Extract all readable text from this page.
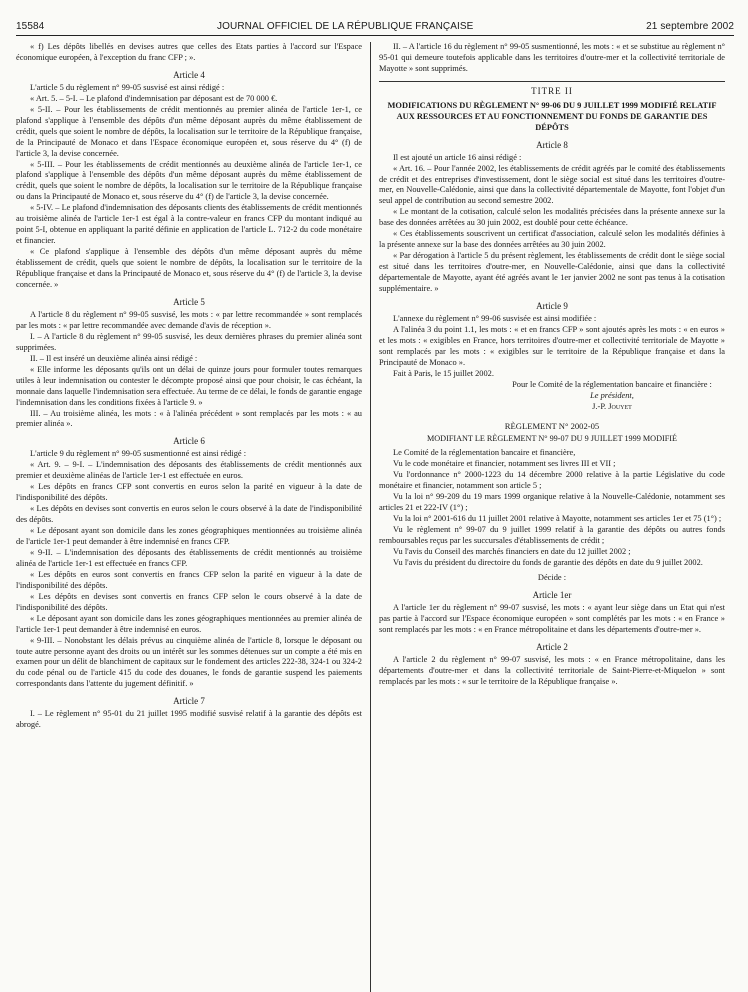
15584	JOURNAL OFFICIEL DE LA RÉPUBLIQUE FRANÇAISE	21 septembre 2002

« f) Les dépôts libellés en devises autres que celles des Etats parties à l'accord sur l'Espace économique européen, à l'exception du franc CFP ; ».

Article 4

L'article 5 du règlement n° 99-05 susvisé est ainsi rédigé :

« Art. 5. – 5-I. – Le plafond d'indemnisation par déposant est de 70 000 €.

« 5-II. – Pour les établissements de crédit mentionnés au premier alinéa de l'article 1er-1, ce plafond s'applique à l'ensemble des dépôts d'un même déposant auprès du même établissement de crédit, quels que soient le nombre de dépôts, la localisation sur le territoire de la République française, de la Principauté de Monaco et dans l'Espace économique européen et, sous réserve du 4° (f) de l'article 3, la devise concernée.

« 5-III. – Pour les établissements de crédit mentionnés au deuxième alinéa de l'article 1er-1, ce plafond s'applique à l'ensemble des dépôts d'un même déposant auprès du même établissement de crédit, quels que soient le nombre de dépôts, la localisation sur le territoire de la République française ou dans la Principauté de Monaco et, sous réserve du 4° (f) de l'article 3, la devise concernée.

« 5-IV. – Le plafond d'indemnisation des déposants clients des établissements de crédit mentionnés au troisième alinéa de l'article 1er-1 est égal à la contre-valeur en francs CFP du montant indiqué au point 5-I, obtenue en appliquant la parité définie en application de l'article L. 712-2 du code monétaire et financier.

« Ce plafond s'applique à l'ensemble des dépôts d'un même déposant auprès du même établissement de crédit, quels que soient le nombre de dépôts, la localisation sur le territoire de la République française et dans la Principauté de Monaco et, sous réserve du 4° (f) de l'article 3, la devise concernée. »

Article 5

A l'article 8 du règlement n° 99-05 susvisé, les mots : « par lettre recommandée » sont remplacés par les mots : « par lettre recommandée avec demande d'avis de réception ».

I. – A l'article 8 du règlement n° 99-05 susvisé, les deux dernières phrases du premier alinéa sont supprimées.

II. – Il est inséré un deuxième alinéa ainsi rédigé :

« Elle informe les déposants qu'ils ont un délai de quinze jours pour formuler toutes remarques utiles à leur indemnisation ou contester le décompte proposé ainsi que pour choisir, le cas échéant, la monnaie dans laquelle l'indemnisation sera effectuée. Au terme de ce délai, le fonds de garantie engage l'indemnisation dans les conditions fixées à l'article 9. »

III. – Au troisième alinéa, les mots : « à l'alinéa précédent » sont remplacés par les mots : « au premier alinéa ».

Article 6

L'article 9 du règlement n° 99-05 susmentionné est ainsi rédigé :

« Art. 9. – 9-I. – L'indemnisation des déposants des établissements de crédit mentionnés aux premier et deuxième alinéas de l'article 1er-1 est effectuée en euros.

« Les dépôts en francs CFP sont convertis en euros selon la parité en vigueur à la date de l'indisponibilité des dépôts.

« Les dépôts en devises sont convertis en euros selon le cours observé à la date de l'indisponibilité des dépôts.

« Le déposant ayant son domicile dans les zones géographiques mentionnées au troisième alinéa de l'article 1er-1 peut demander à être indemnisé en francs CFP.

« 9-II. – L'indemnisation des déposants des établissements de crédit mentionnés au troisième alinéa de l'article 1er-1 est effectuée en francs CFP.

« Les dépôts en euros sont convertis en francs CFP selon la parité en vigueur à la date de l'indisponibilité des dépôts.

« Les dépôts en devises sont convertis en francs CFP selon le cours observé à la date de l'indisponibilité des dépôts.

« Le déposant ayant son domicile dans les zones géographiques mentionnées au premier alinéa de l'article 1er-1 peut demander à être indemnisé en euros.

« 9-III. – Nonobstant les délais prévus au cinquième alinéa de l'article 8, lorsque le déposant ou toute autre personne ayant des droits ou un intérêt sur les sommes détenues sur un compte a été mis en examen pour un délit de blanchiment de capitaux sur le fondement des articles 222-38, 324-1 ou 324-2 du code pénal ou de l'article 415 du code des douanes, le fonds de garantie suspend les paiements correspondants dans l'attente du jugement définitif. »

Article 7

I. – Le règlement n° 95-01 du 21 juillet 1995 modifié susvisé relatif à la garantie des dépôts est abrogé.

II. – A l'article 16 du règlement n° 99-05 susmentionné, les mots : « et se substitue au règlement n° 95-01 qui demeure toutefois applicable dans les territoires d'outre-mer et la collectivité territoriale de Mayotte » sont supprimés.

TITRE II

MODIFICATIONS DU RÈGLEMENT N° 99-06 DU 9 JUILLET 1999 MODIFIÉ RELATIF AUX RESSOURCES ET AU FONCTIONNEMENT DU FONDS DE GARANTIE DES DÉPÔTS

Article 8

Il est ajouté un article 16 ainsi rédigé :

« Art. 16. – Pour l'année 2002, les établissements de crédit agréés par le comité des établissements de crédit et des entreprises d'investissement, dont le siège social est situé dans les territoires d'outre-mer, en Nouvelle-Calédonie, ainsi que dans la collectivité départementale de Mayotte, font l'objet d'un seul appel de contribution au second semestre 2002.

« Le montant de la cotisation, calculé selon les modalités précisées dans la présente annexe sur la base des données arrêtées au 30 juin 2002, est doublé pour cette échéance.

« Ces établissements souscrivent un certificat d'association, calculé selon les modalités définies à la présente annexe sur la base des données arrêtées au 30 juin 2002.

« Par dérogation à l'article 5 du présent règlement, les établissements de crédit dont le siège social est situé dans les territoires d'outre-mer, en Nouvelle-Calédonie, ainsi que dans la collectivité départementale de Mayotte, ayant été agréés avant le 1er janvier 2002 ne sont pas tenus à la cotisation supplémentaire. »

Article 9

L'annexe du règlement n° 99-06 susvisée est ainsi modifiée :

A l'alinéa 3 du point 1.1, les mots : « et en francs CFP » sont ajoutés après les mots : « en euros » et les mots : « exigibles en France, hors territoires d'outre-mer et collectivité territoriale de Mayotte » sont remplacés par les mots : « exigibles sur le territoire de la République française et dans la Principauté de Monaco ».

Fait à Paris, le 15 juillet 2002.

Pour le Comité de la réglementation bancaire et financière :

Le président,

J.-P. Jouyet

RÈGLEMENT N° 2002-05

MODIFIANT LE RÈGLEMENT N° 99-07 DU 9 JUILLET 1999 MODIFIÉ

Le Comité de la réglementation bancaire et financière,

Vu le code monétaire et financier, notamment ses livres III et VII ;

Vu l'ordonnance n° 2000-1223 du 14 décembre 2000 relative à la partie Législative du code monétaire et financier, notamment son article 5 ;

Vu la loi n° 99-209 du 19 mars 1999 organique relative à la Nouvelle-Calédonie, notamment ses articles 21 et 222-IV (1°) ;

Vu la loi n° 2001-616 du 11 juillet 2001 relative à Mayotte, notamment ses articles 1er et 75 (1°) ;

Vu le règlement n° 99-07 du 9 juillet 1999 relatif à la garantie des dépôts ou autres fonds remboursables reçus par les succursales d'établissements de crédit ;

Vu l'avis du Conseil des marchés financiers en date du 12 juillet 2002 ;

Vu l'avis du président du directoire du fonds de garantie des dépôts en date du 9 juillet 2002.

Décide :

Article 1er

A l'article 1er du règlement n° 99-07 susvisé, les mots : « ayant leur siège dans un Etat qui n'est pas partie à l'accord sur l'Espace économique européen » sont complétés par les mots : « en France » sont remplacés par les mots : « en France métropolitaine et dans les départements d'outre-mer ».

Article 2

A l'article 2 du règlement n° 99-07 susvisé, les mots : « en France métropolitaine, dans les départements d'outre-mer et dans la collectivité territoriale de Saint-Pierre-et-Miquelon » sont remplacés par les mots : « sur le territoire de la République française ».
